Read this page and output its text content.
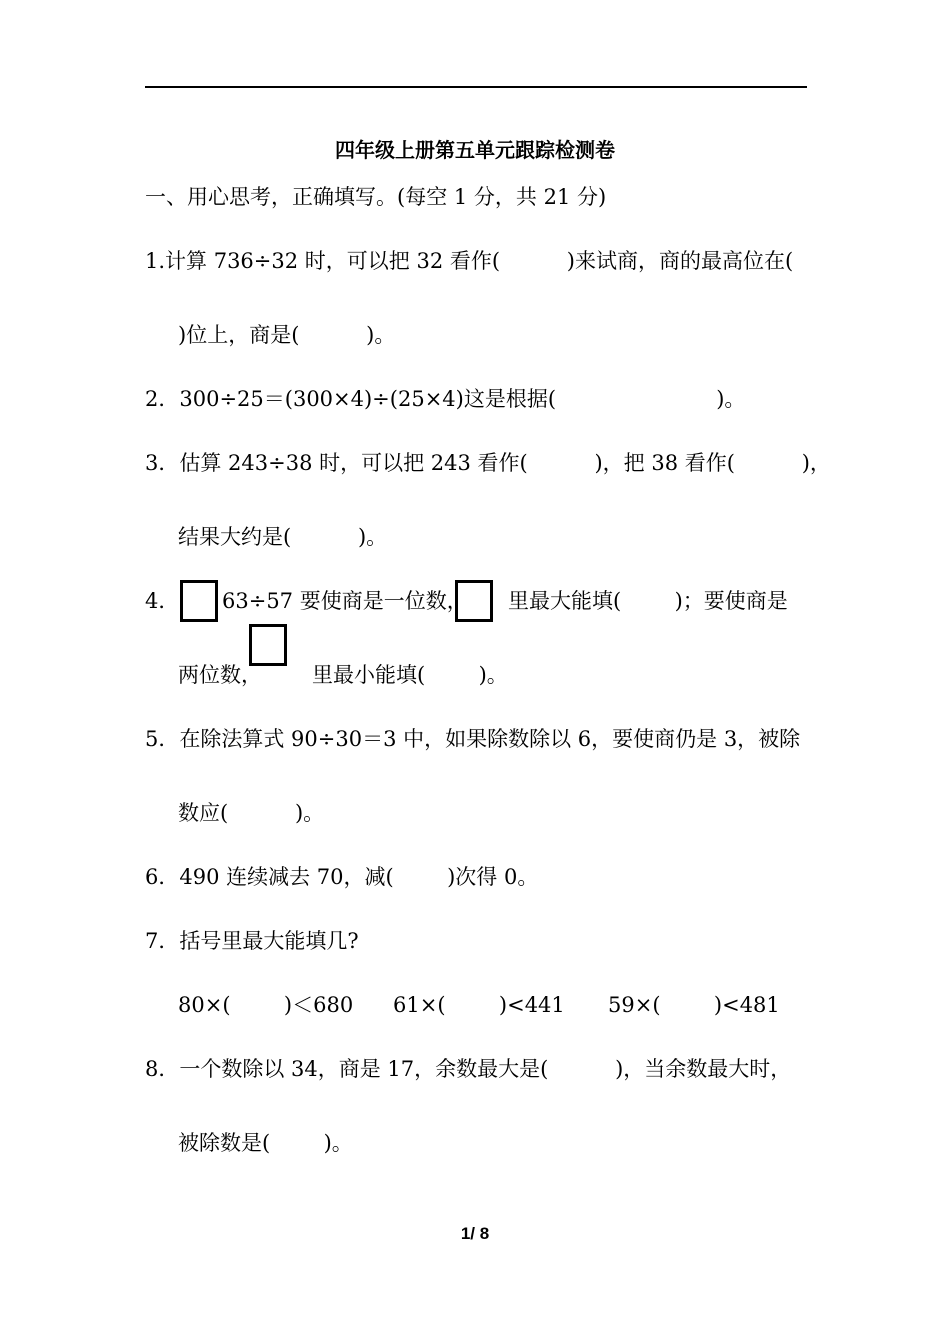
四年级上册第五单元跟踪检测卷
一、用心思考，正确填写。(每空 1 分，共 21 分)
1.计算 736÷32 时，可以把 32 看作(          )来试商，商的最高位在(
)位上，商是(          )。
2．300÷25＝(300×4)÷(25×4)这是根据(                        )。
3．估算 243÷38 时，可以把 243 看作(          )，把 38 看作(          )，
结果大约是(          )。
4． 63÷57 要使商是一位数， 里最大能填(        )；要使商是
两位数， 里最小能填(        )。
5．在除法算式 90÷30＝3 中，如果除数除以 6，要使商仍是 3，被除
数应(          )。
6．490 连续减去 70，减(        )次得 0。
7．括号里最大能填几?
80×(        )＜680 61×(        )<441 59×(        )<481
8．一个数除以 34，商是 17，余数最大是(          )，当余数最大时，
被除数是(        )。
1/ 8
